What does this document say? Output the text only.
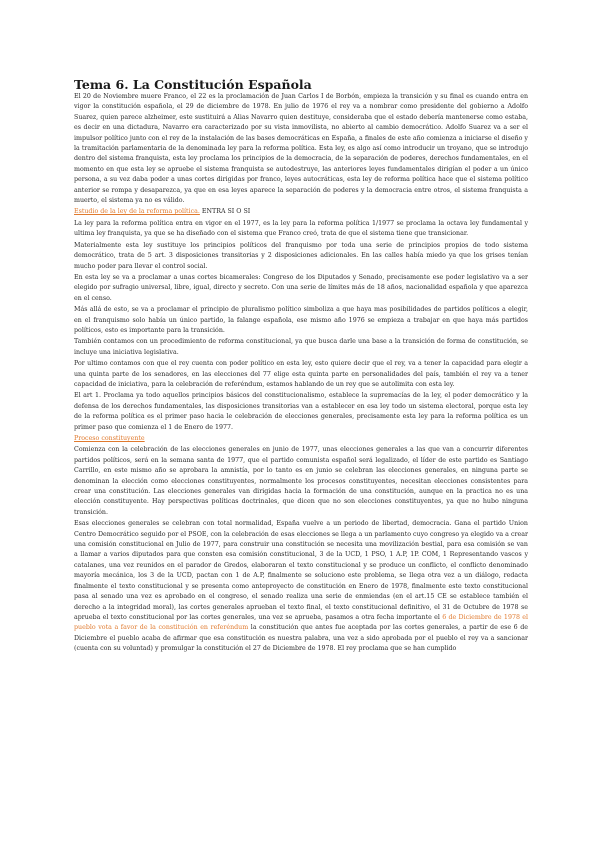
Tema 6. La Constitución Española

El 20 de Noviembre muere Franco, el 22 es la proclamación de Juan Carlos I de Borbón, empieza la transición y su final es cuando entra en vigor la constitución española, el 29 de diciembre de 1978. En julio de 1976 el rey va a nombrar como presidente del gobierno a Adolfo Suarez, quien parece alzheimer, este sustituirá a Alias Navarro quien destituye, consideraba que el estado debería mantenerse como estaba, es decir en una dictadura, Navarro era caracterizado por su vista inmovilista, no abierto al cambio democrático. Adolfo Suarez va a ser el impulsor político junto con el rey de la instalación de las bases democráticas en España, a finales de este año comienza a iniciarse el diseño y la tramitación parlamentaria de la denominada ley para la reforma política. Esta ley, es algo así como introducir un troyano, que se introdujo dentro del sistema franquista, esta ley proclama los principios de la democracia, de la separación de poderes, derechos fundamentales, en el momento en que esta ley se apruebe el sistema franquista se autodestruye, las anteriores leyes fundamentales dirigían el poder a un único persona, a su vez daba poder a unas cortes dirigidas por franco, leyes autocráticas, esta ley de reforma política hace que el sistema político anterior se rompa y desaparezca, ya que en esa leyes aparece la separación de poderes y la democracia entre otros, el sistema franquista a muerto, el sistema ya no es válido.

Estudio de la ley de la reforma política. ENTRA SI O SI

La ley para la reforma política entra en vigor en el 1977, es la ley para la reforma política 1/1977 se proclama la octava ley fundamental y ultima ley franquista, ya que se ha diseñado con el sistema que Franco creó, trata de que el sistema tiene que transicionar.

Materialmente esta ley sustituye los principios políticos del franquismo por toda una serie de principios propios de todo sistema democrático, trata de 5 art. 3 disposiciones transitorias y 2 disposiciones adicionales. En las calles había miedo ya que los grises tenían mucho poder para llevar el control social.

En esta ley se va a proclamar a unas cortes bicamerales: Congreso de los Diputados y Senado, precisamente ese poder legislativo va a ser elegido por sufragio universal, libre, igual, directo y secreto. Con una serie de límites más de 18 años, nacionalidad española y que aparezca en el censo.

Más allá de esto, se va a proclamar el principio de pluralismo político simboliza a que haya mas posibilidades de partidos políticos a elegir, en el franquismo solo había un único partido, la falange española, ese mismo año 1976 se empieza a trabajar en que haya más partidos políticos, esto es importante para la transición.

También contamos con un procedimiento de reforma constitucional, ya que busca darle una base a la transición de forma de constitución, se incluye una iniciativa legislativa.

Por ultimo contamos con que el rey cuenta con poder político en esta ley, esto quiere decir que el rey, va a tener la capacidad para elegir a una quinta parte de los senadores, en las elecciones del 77 elige esta quinta parte en personalidades del país, también el rey va a tener capacidad de iniciativa, para la celebración de referéndum, estamos hablando de un rey que se autolimita con esta ley.

El art 1. Proclama ya todo aquellos principios básicos del constitucionalismo, establece la supremacías de la ley, el poder democrático y la defensa de los derechos fundamentales, las disposiciones transitorias van a establecer en esa ley todo un sistema electoral, porque esta ley de la reforma política es el primer paso hacia le celebración de elecciones generales, precisamente esta ley para la reforma política es un primer paso que comienza el 1 de Enero de 1977.

Proceso constituyente

Comienza con la celebración de las elecciones generales en junio de 1977, unas elecciones generales a las que van a concurrir diferentes partidos políticos, será en la semana santa de 1977, que el partido comunista español será legalizado, el líder de este partido es Santiago Carrillo, en este mismo año se aprobara la amnistía, por lo tanto es en junio se celebran las elecciones generales, en ninguna parte se denominan la elección como elecciones constituyentes, normalmente los procesos constituyentes, necesitan elecciones consistentes para crear una constitución. Las elecciones generales van dirigidas hacia la formación de una constitución, aunque en la practica no es una elección constituyente. Hay perspectivas políticas doctrinales, que dicen que no son elecciones constituyentes, ya que no hubo ninguna transición.

Esas elecciones generales se celebran con total normalidad, España vuelve a un periodo de libertad, democracia. Gana el partido Union Centro Democrático seguido por el PSOE, con la celebración de esas elecciones se llega a un parlamento cuyo congreso ya elegido va a crear una comisión constitucional en Julio de 1977, para construir una constitución se necesita una movilización bestial, para esa comisión se van a llamar a varios diputados para que consten esa comisión constitucional, 3 de la UCD, 1 PSO, 1 A.P, 1P. COM, 1 Representando vascos y catalanes, una vez reunidos en el parador de Gredos, elaboraran el texto constitucional y se produce un conflicto, el conflicto denominado mayoría mecánica, los 3 de la UCD, pactan con 1 de A.P, finalmente se soluciono este problema, se llega otra vez a un diálogo, redacta finalmente el texto constitucional y se presenta como anteproyecto de constitución en Enero de 1978, finalmente este texto constitucional pasa al senado una vez es aprobado en el congreso, el senado realiza una serie de enmiendas (en el art.15 CE se establece también el derecho a la integridad moral), las cortes generales aprueban el texto final, el texto constitucional definitivo, el 31 de Octubre de 1978 se aprueba el texto constitucional por las cortes generales, una vez se aprueba, pasamos a otra fecha importante el 6 de Diciembre de 1978 el pueblo vota a favor de la constitución en referéndum la constitución que antes fue aceptada por las cortes generales, a partir de ese 6 de Diciembre el pueblo acaba de afirmar que esa constitución es nuestra palabra, una vez a sido aprobada por el pueblo el rey va a sancionar (cuenta con su voluntad) y promulgar la constitución el 27 de Diciembre de 1978. El rey proclama que se han cumplido
